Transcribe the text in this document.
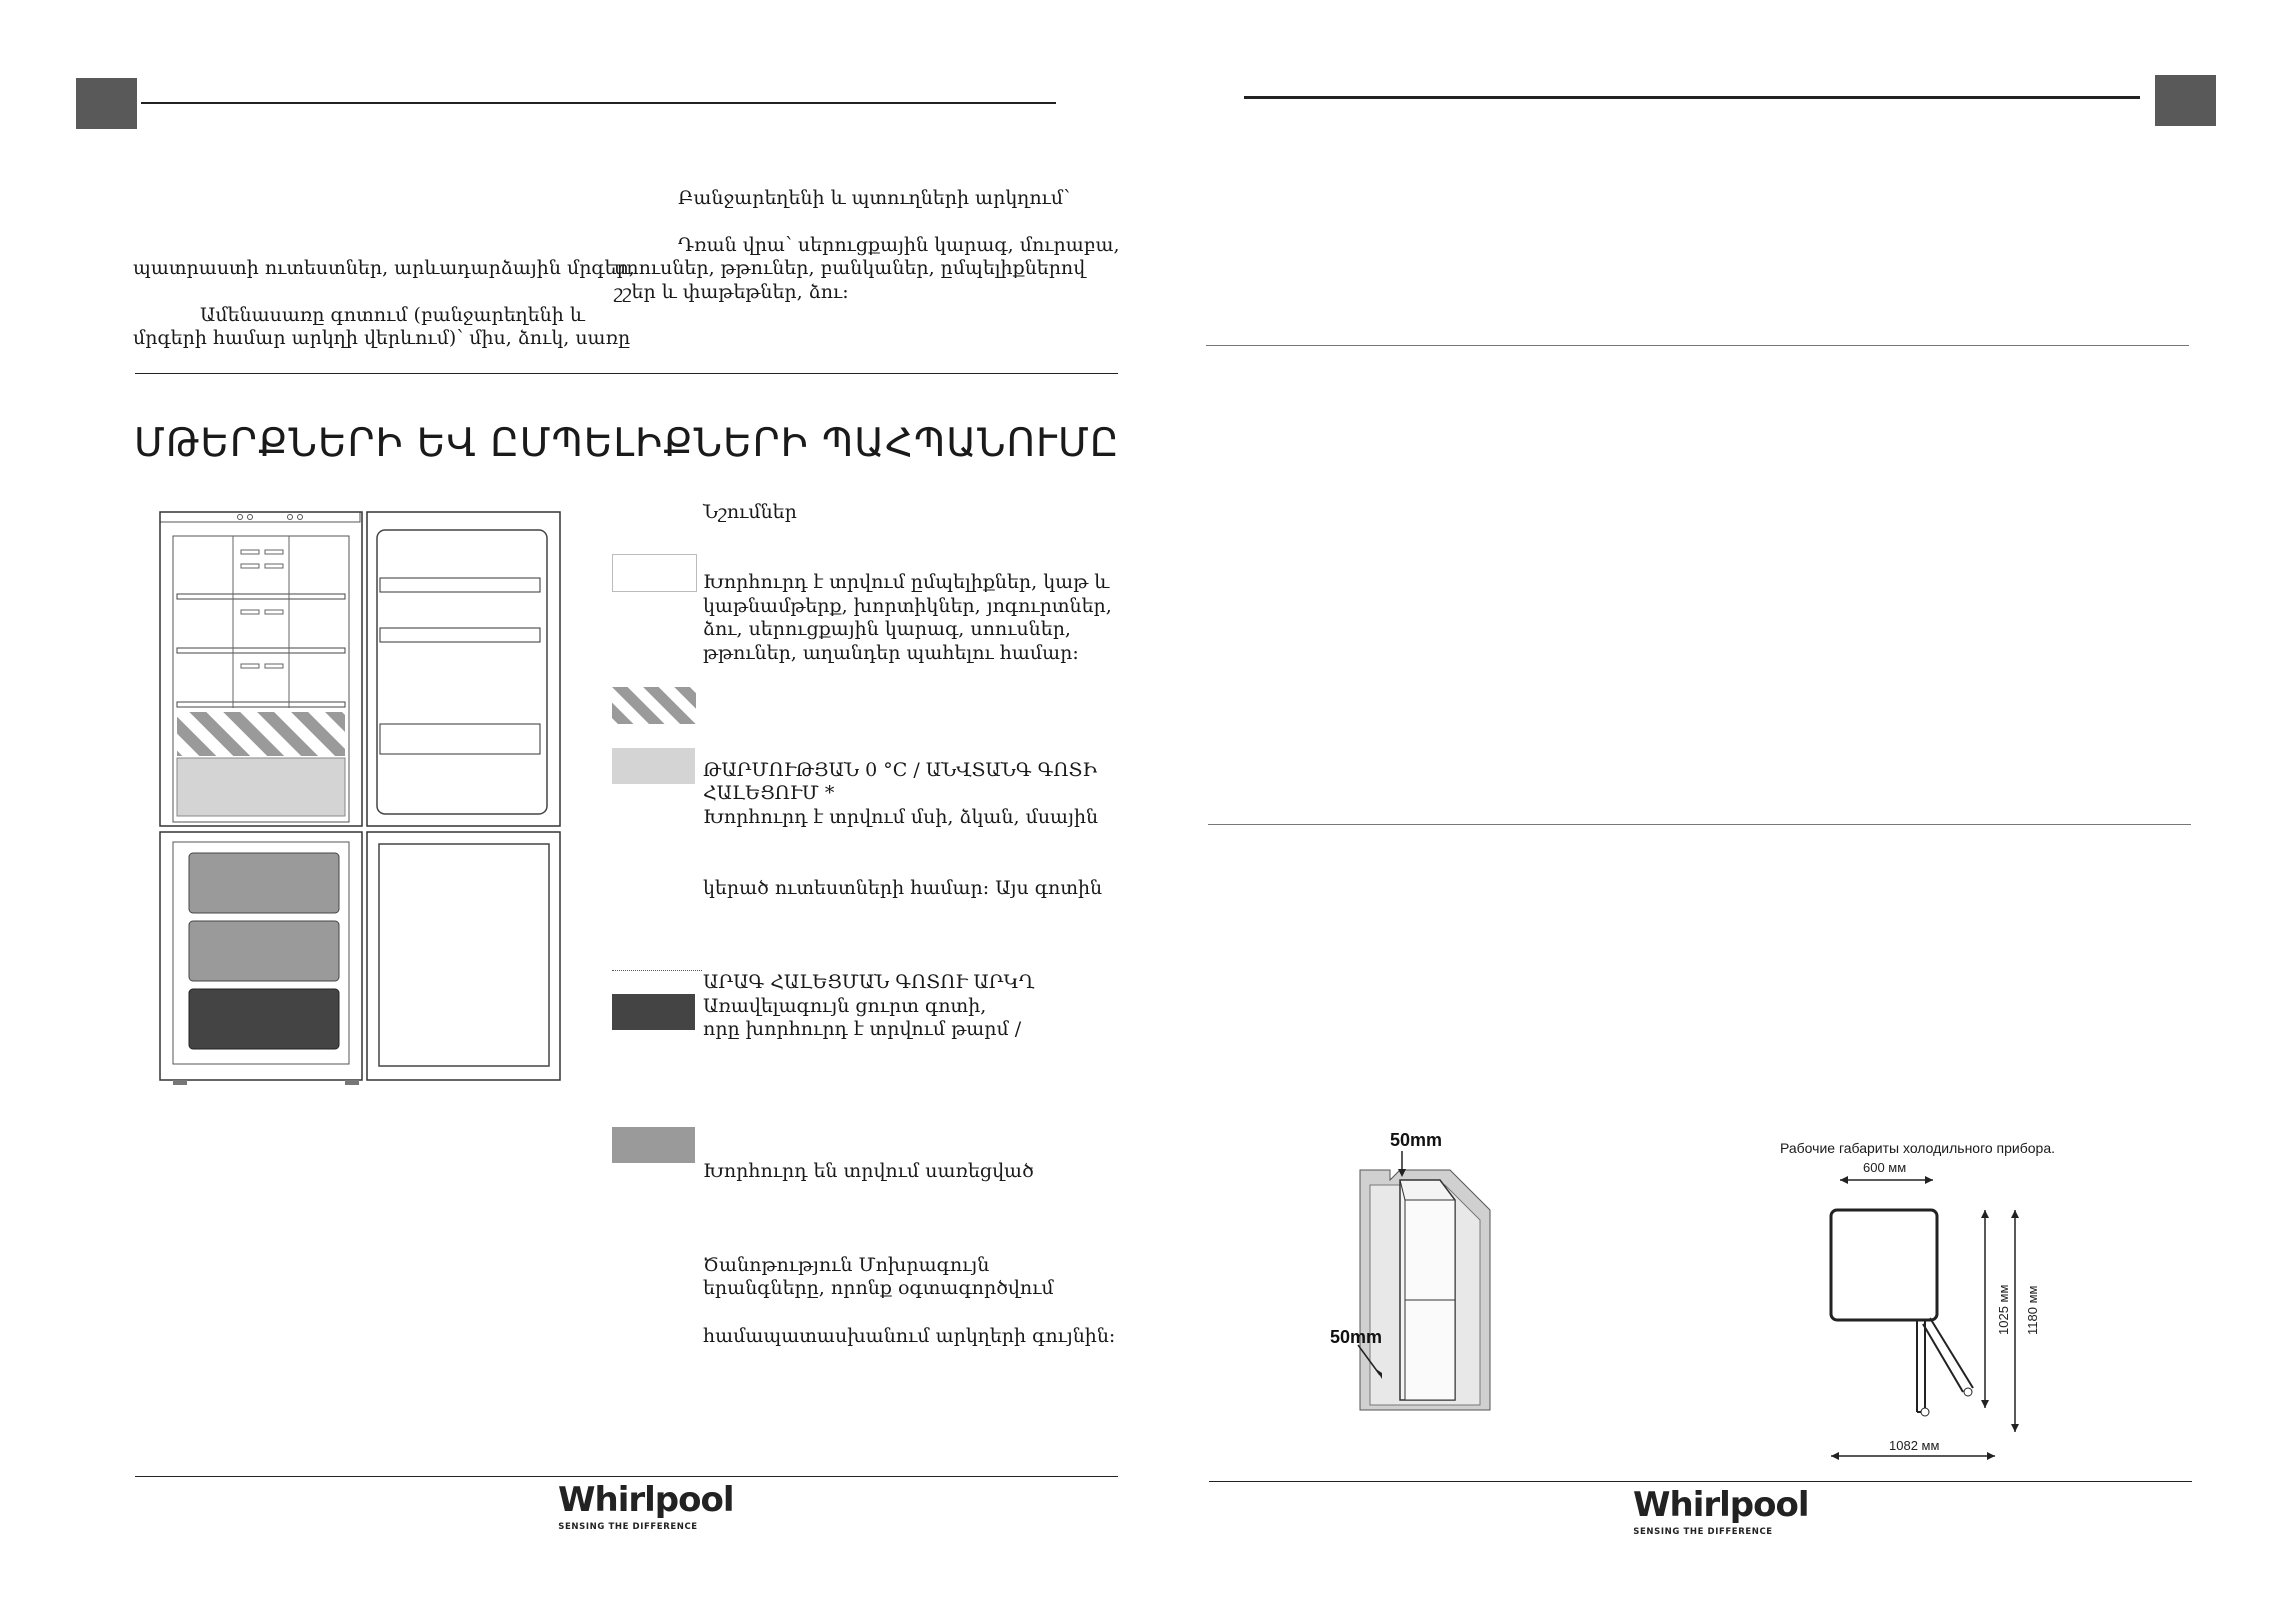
պատրաստի ուտեստներ, արևադարձային մրգեր,
Ամենասառը գոտում (բանջարեղենի և
մրգերի համար արկղի վերևում)՝ միս, ձուկ, սառը
Բանջարեղենի և պտուղների արկղում՝
Դռան վրա՝ սերուցքային կարագ, մուրաբա,
սոուսներ, թթուներ, բանկաներ, ըմպելիքներով
շշեր և փաթեթներ, ձու:
ՄԹԵՐՔՆԵՐԻ ԵՎ ԸՄՊԵԼԻՔՆԵՐԻ ՊԱՀՊԱՆՈՒՄԸ
Նշումներ
Խորհուրդ է տրվում ըմպելիքներ, կաթ և
կաթնամթերք, խորտիկներ, յոգուրտներ,
ձու, սերուցքային կարագ, սոուսներ,
թթուներ, աղանդեր պահելու համար:
ԹԱՐՄՈՒԹՅԱՆ 0 °C / ԱՆՎՏԱՆԳ ԳՈՏԻ
ՀԱԼԵՑՈՒՄ *
Խորհուրդ է տրվում մսի, ձկան, մսային
կերած ուտեստների համար: Այս գոտին
ԱՐԱԳ ՀԱԼԵՑՄԱՆ ԳՈՏՈՒ ԱՐԿՂ
Առավելագույն ցուրտ գոտի,
որը խորհուրդ է տրվում թարմ /
Խորհուրդ են տրվում սառեցված
Ծանոթություն Մոխրագույն
երանգները, որոնք օգտագործվում
համապատասխանում արկղերի գույնին:
Whirlpool
SENSING THE DIFFERENCE
50mm
50mm
Рабочие габариты холодильного прибора.
600 мм
1025 мм 1180 мм
1082 мм
Whirlpool
SENSING THE DIFFERENCE
